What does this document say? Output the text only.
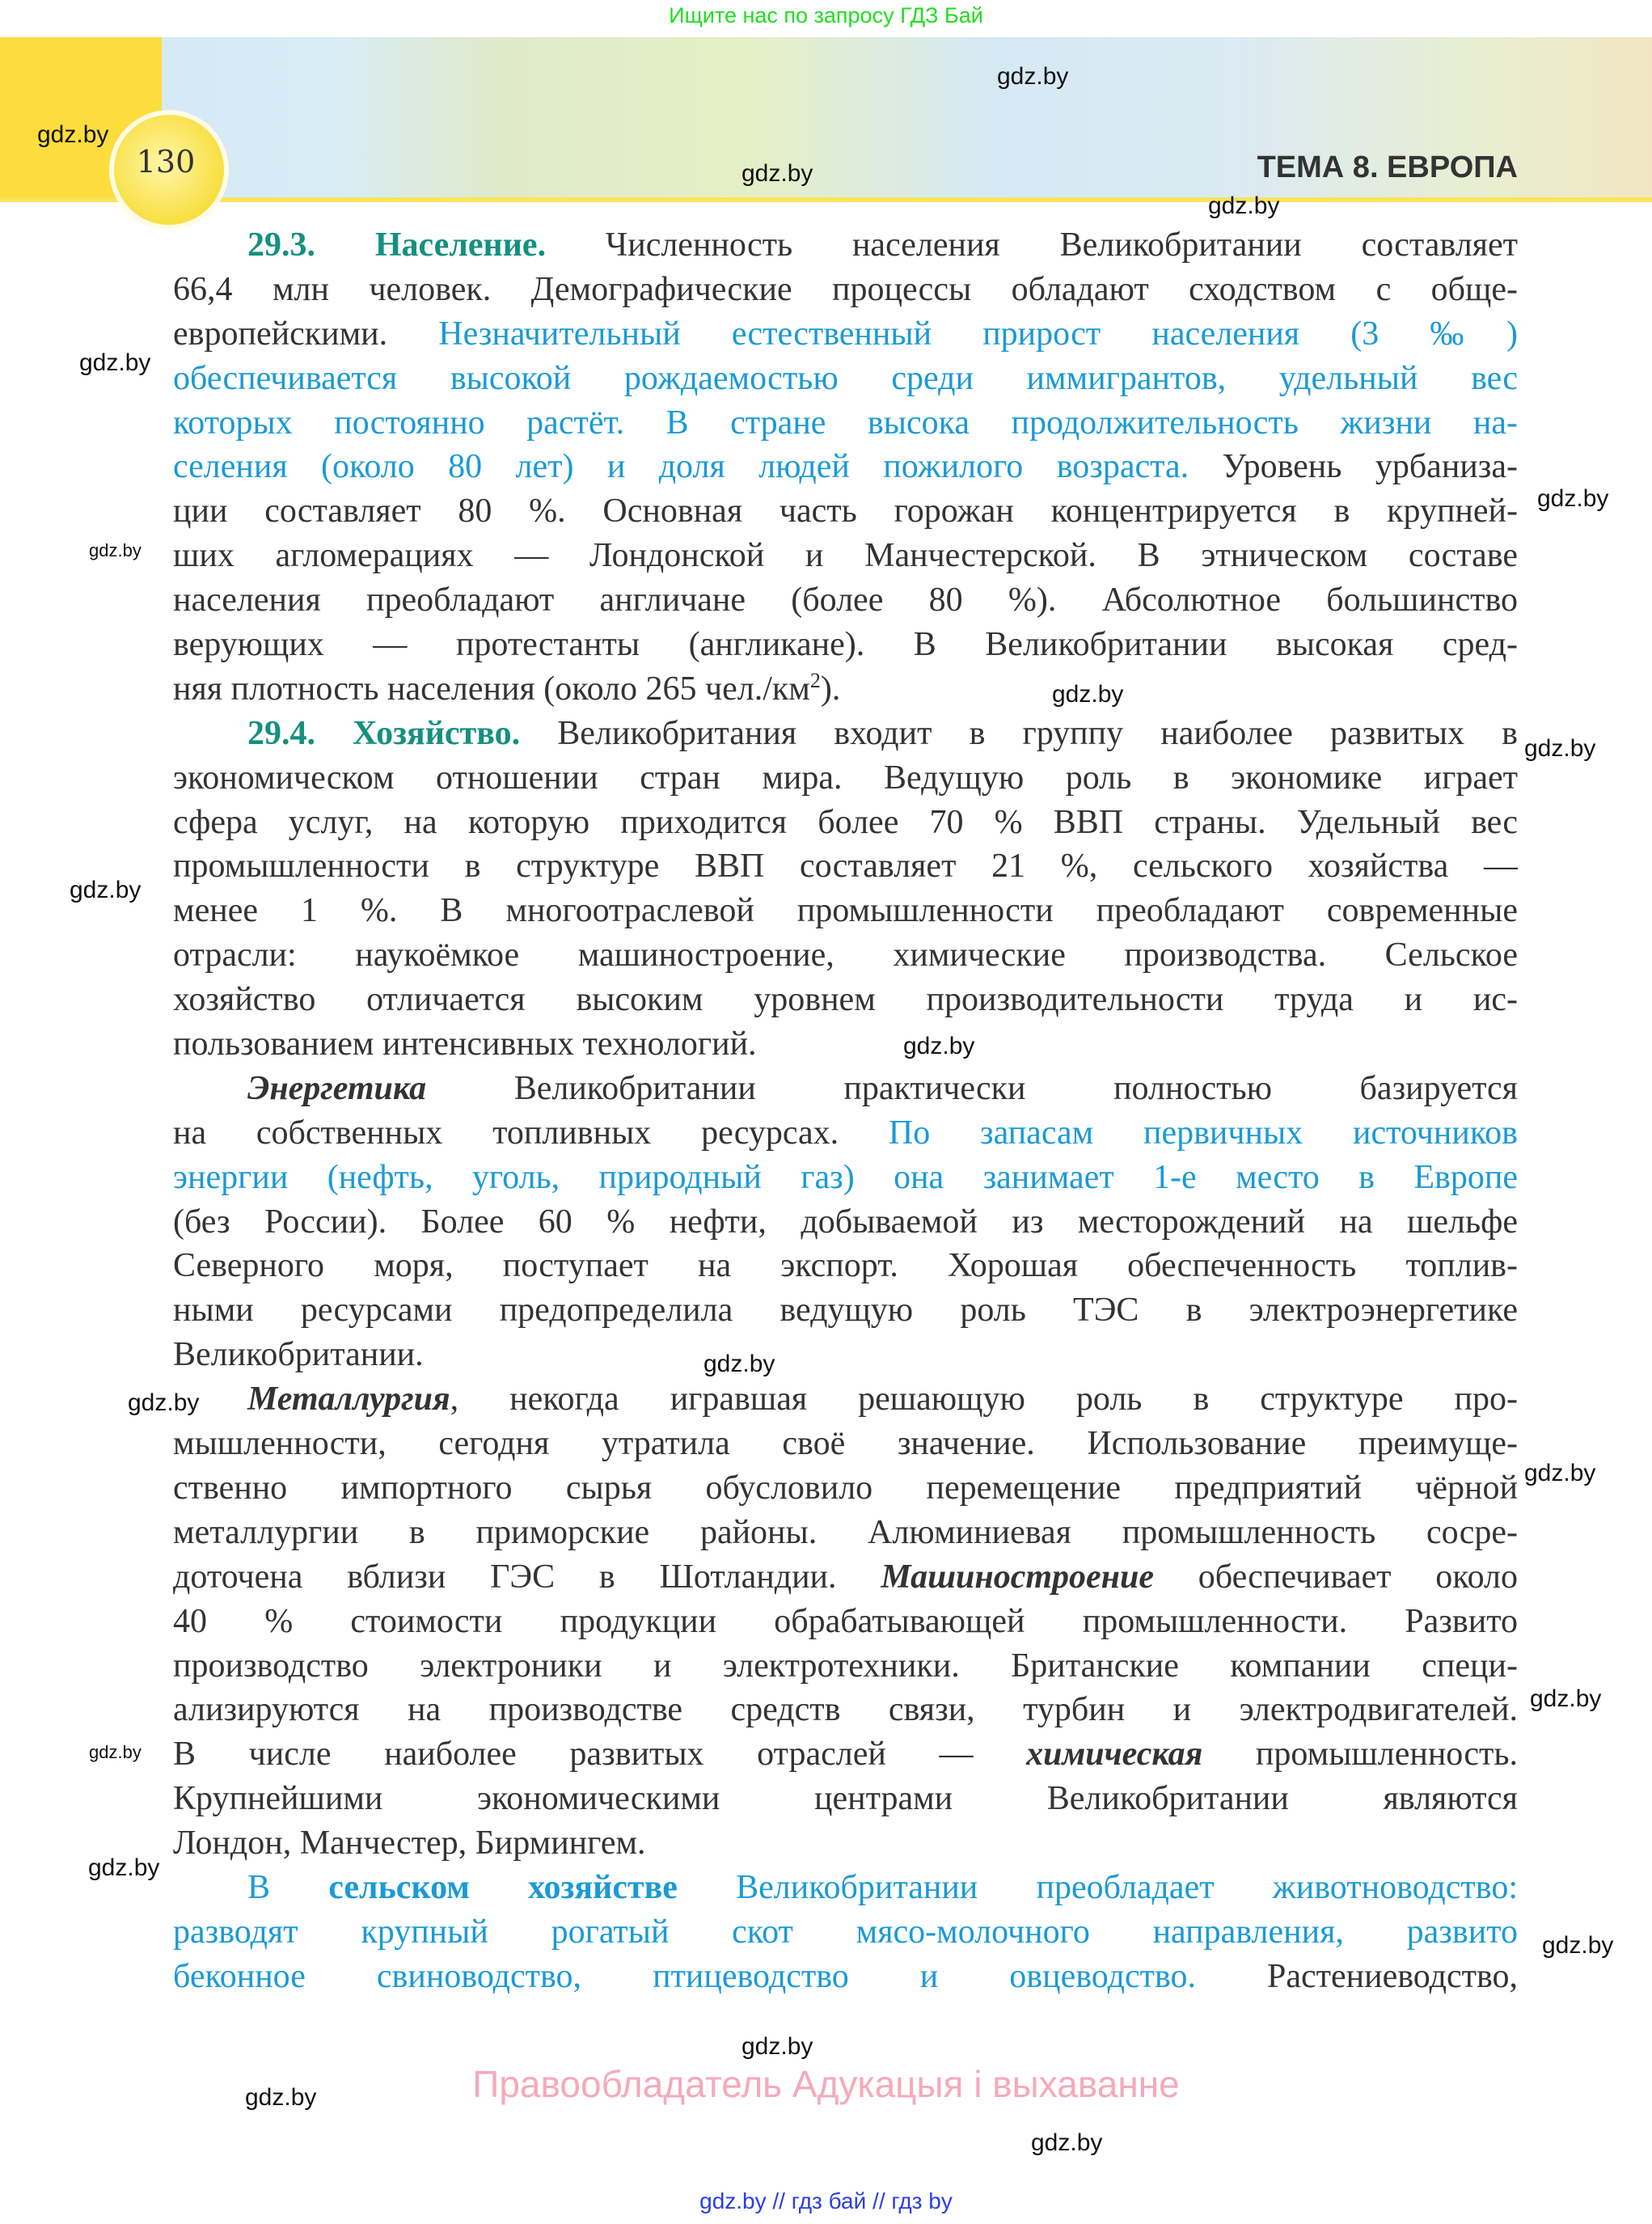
Ищите нас по запросу ГДЗ Бай
130	ТЕМА 8. ЕВРОПА
29.3. Население. Численность населения Великобритании составляет
66,4 млн человек. Демографические процессы обладают сходством с обще-
европейскими. Незначительный естественный прирост населения (3 ‰)
обеспечивается высокой рождаемостью среди иммигрантов, удельный вес
которых постоянно растёт. В стране высока продолжительность жизни на-
селения (около 80 лет) и доля людей пожилого возраста. Уровень урбаниза-
ции составляет 80 %. Основная часть горожан концентрируется в крупней-
ших агломерациях — Лондонской и Манчестерской. В этническом составе
населения преобладают англичане (более 80 %). Абсолютное большинство
верующих — протестанты (англикане). В Великобритании высокая сред-
няя плотность населения (около 265 $чел./км^2$).
29.4. Хозяйство. Великобритания входит в группу наиболее развитых в
экономическом отношении стран мира. Ведущую роль в экономике играет
сфера услуг, на которую приходится более 70 % ВВП страны. Удельный вес
промышленности в структуре ВВП составляет 21 %, сельского хозяйства —
менее 1 %. В многоотраслевой промышленности преобладают современные
отрасли: наукоёмкое машиностроение, химические производства. Сельское
хозяйство отличается высоким уровнем производительности труда и ис-
пользованием интенсивных технологий.
Энергетика Великобритании практически полностью базируется
на собственных топливных ресурсах. По запасам первичных источников
энергии (нефть, уголь, природный газ) она занимает 1-е место в Европе
(без России). Более 60 % нефти, добываемой из месторождений на шельфе
Северного моря, поступает на экспорт. Хорошая обеспеченность топлив-
ными ресурсами предопределила ведущую роль ТЭС в электроэнергетике
Великобритании.
Металлургия, некогда игравшая решающую роль в структуре про-
мышленности, сегодня утратила своё значение. Использование преимуще-
ственно импортного сырья обусловило перемещение предприятий чёрной
металлургии в приморские районы. Алюминиевая промышленность сосре-
доточена вблизи ГЭС в Шотландии. Машиностроение обеспечивает около
40 % стоимости продукции обрабатывающей промышленности. Развито
производство электроники и электротехники. Британские компании специ-
ализируются на производстве средств связи, турбин и электродвигателей.
В числе наиболее развитых отраслей — химическая промышленность.
Крупнейшими экономическими центрами Великобритании являются
Лондон, Манчестер, Бирмингем.
В сельском хозяйстве Великобритании преобладает животноводство:
разводят крупный рогатый скот мясо-молочного направления, развито
беконное свиноводство, птицеводство и овцеводство. Растениеводство,
gdz.by
gdz.by
gdz.by
gdz.by
gdz.by
gdz.by
gdz.by
gdz.by
gdz.by
gdz.by
gdz.by
gdz.by
gdz.by
gdz.by
gdz.by
gdz.by
gdz.by
gdz.by
gdz.by
gdz.by
gdz.by
Правообладатель Адукацыя і выхаванне
gdz.by // гдз бай // гдз by
